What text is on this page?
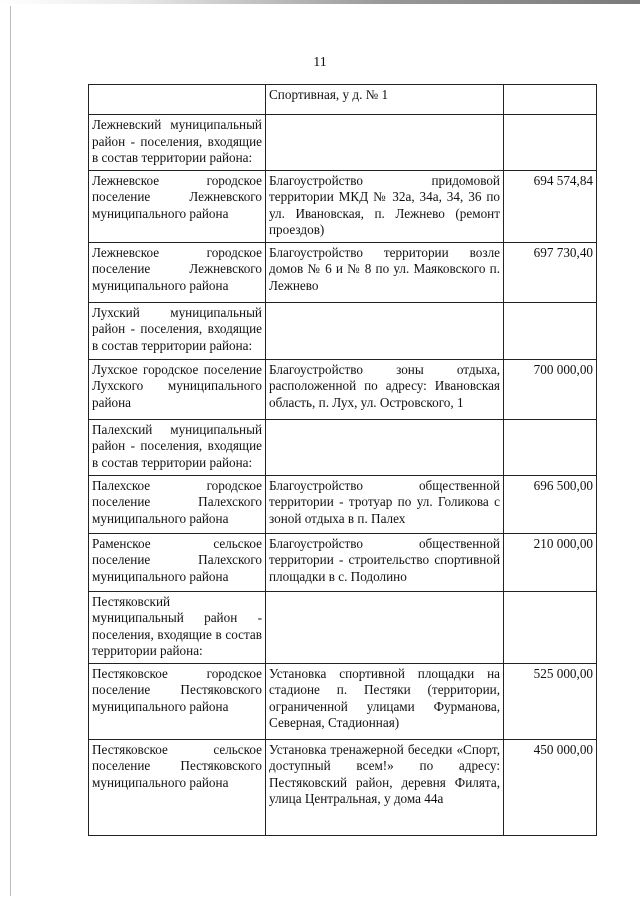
11
	Спортивная, у д. № 1	
Лежневский муниципальный район - поселения, входящие в состав территории района:		
Лежневское городское поселение Лежневского муниципального района	Благоустройство придомовой территории МКД № 32а, 34а, 34, 36 по ул. Ивановская, п. Лежнево (ремонт проездов)	694 574,84
Лежневское городское поселение Лежневского муниципального района	Благоустройство территории возле домов № 6 и № 8 по ул. Маяковского п. Лежнево	697 730,40
Лухский муниципальный район - поселения, входящие в состав территории района:		
Лухское городское поселение Лухского муниципального района	Благоустройство зоны отдыха, расположенной по адресу: Ивановская область, п. Лух, ул. Островского, 1	700 000,00
Палехский муниципальный район - поселения, входящие в состав территории района:		
Палехское городское поселение Палехского муниципального района	Благоустройство общественной территории - тротуар по ул. Голикова с зоной отдыха в п. Палех	696 500,00
Раменское сельское поселение Палехского муниципального района	Благоустройство общественной территории - строительство спортивной площадки в с. Подолино	210 000,00
Пестяковский муниципальный район - поселения, входящие в состав территории района:		
Пестяковское городское поселение Пестяковского муниципального района	Установка спортивной площадки на стадионе п. Пестяки (территории, ограниченной улицами Фурманова, Северная, Стадионная)	525 000,00
Пестяковское сельское поселение Пестяковского муниципального района	Установка тренажерной беседки «Спорт, доступный всем!» по адресу: Пестяковский район, деревня Филята, улица Центральная, у дома 44а	450 000,00
